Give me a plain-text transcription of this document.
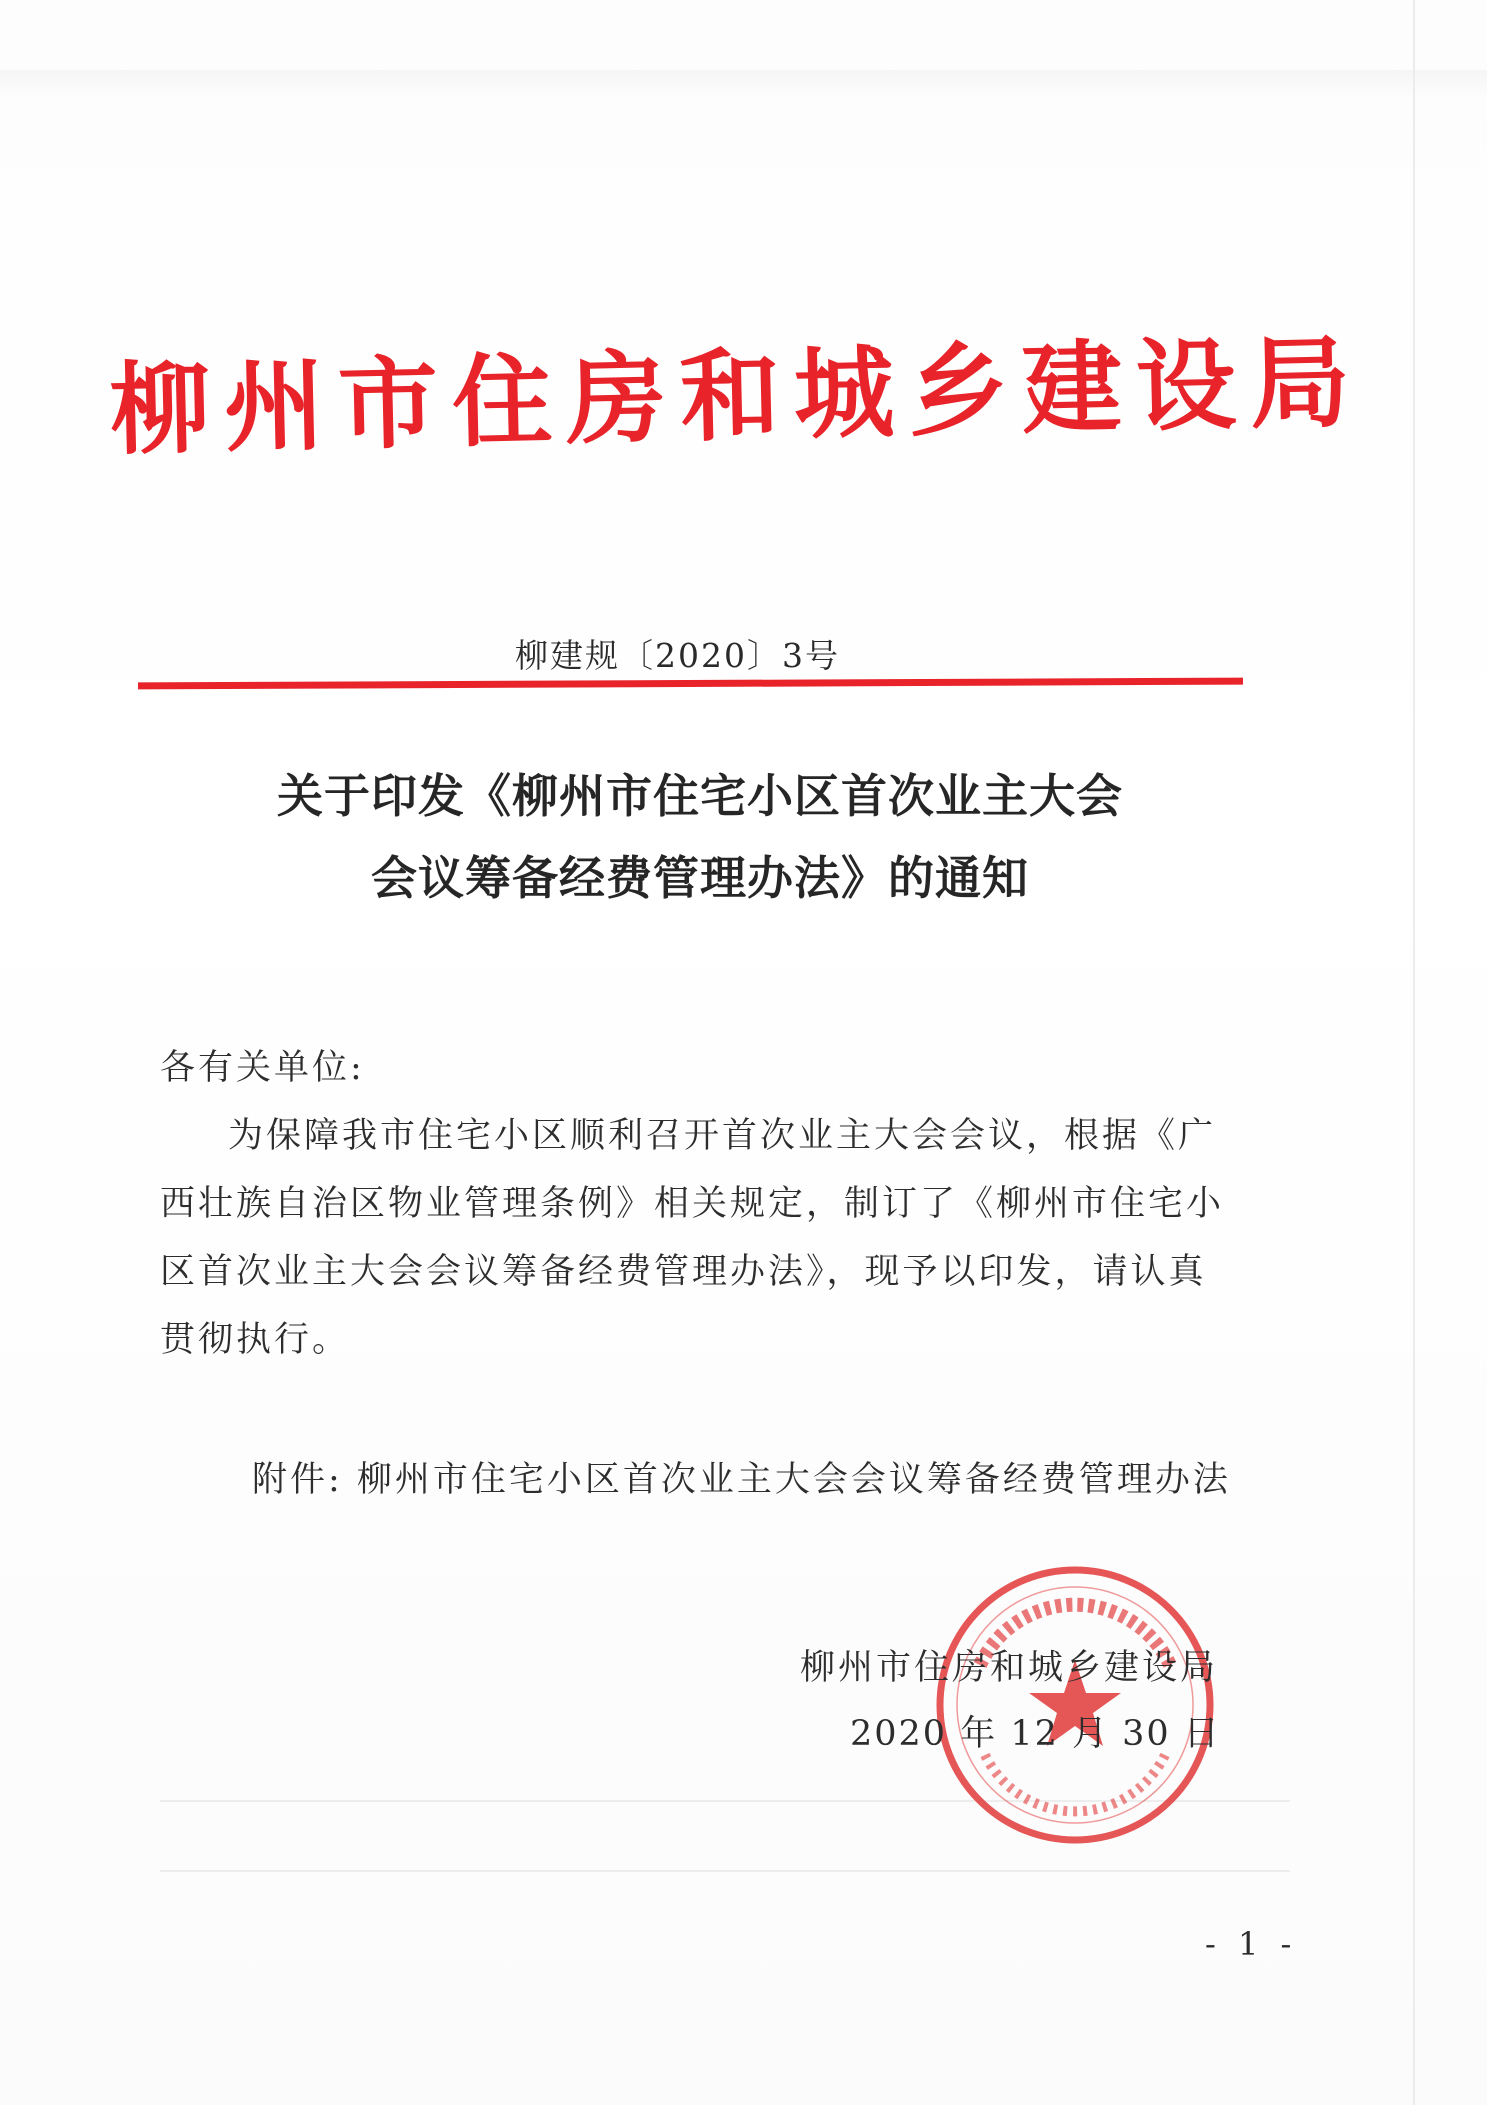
柳州市住房和城乡建设局
柳建规〔2020〕3号
关于印发《柳州市住宅小区首次业主大会
会议筹备经费管理办法》的通知
各有关单位:
为保障我市住宅小区顺利召开首次业主大会会议，根据《广
西壮族自治区物业管理条例》相关规定，制订了《柳州市住宅小
区首次业主大会会议筹备经费管理办法》，现予以印发，请认真
贯彻执行。
附件: 柳州市住宅小区首次业主大会会议筹备经费管理办法
柳州市住房和城乡建设局
2020 年 12 月 30 日
- 1 -
